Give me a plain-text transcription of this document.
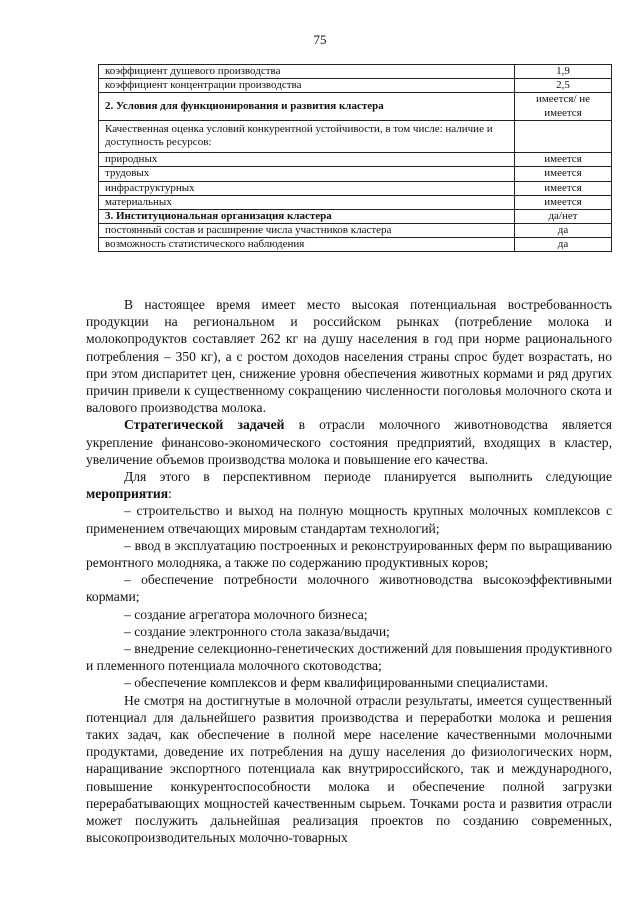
75
коэффициент душевого производства	1,9
коэффициент концентрации производства	2,5
2. Условия для функционирования и развития кластера	имеется/ не имеется
Качественная оценка условий конкурентной устойчивости, в том числе: наличие и доступность ресурсов:	
природных	имеется
трудовых	имеется
инфраструктурных	имеется
материальных	имеется
3. Институциональная организация кластера	да/нет
постоянный состав и расширение числа участников кластера	да
возможность статистического наблюдения	да

В настоящее время имеет место высокая потенциальная востребованность продукции на региональном и российском рынках (потребление молока и молокопродуктов составляет 262 кг на душу населения в год при норме рационального потребления – 350 кг), а с ростом доходов населения страны спрос будет возрастать, но при этом диспаритет цен, снижение уровня обеспечения животных кормами и ряд других причин привели к существенному сокращению численности поголовья молочного скота и валового производства молока.

Стратегической задачей в отрасли молочного животноводства является укрепление финансово-экономического состояния предприятий, входящих в кластер, увеличение объемов производства молока и повышение его качества.

Для этого в перспективном периоде планируется выполнить следующие мероприятия:

– строительство и выход на полную мощность крупных молочных комплексов с применением отвечающих мировым стандартам технологий;

– ввод в эксплуатацию построенных и реконструированных ферм по выращиванию ремонтного молодняка, а также по содержанию продуктивных коров;

– обеспечение потребности молочного животноводства высокоэффективными кормами;

– создание агрегатора молочного бизнеса;

– создание электронного стола заказа/выдачи;

– внедрение селекционно-генетических достижений для повышения продуктивного и племенного потенциала молочного скотоводства;

– обеспечение комплексов и ферм квалифицированными специалистами.

Не смотря на достигнутые в молочной отрасли результаты, имеется существенный потенциал для дальнейшего развития производства и переработки молока и решения таких задач, как обеспечение в полной мере население качественными молочными продуктами, доведение их потребления на душу населения до физиологических норм, наращивание экспортного потенциала как внутрироссийского, так и международного, повышение конкурентоспособности молока и обеспечение полной загрузки перерабатывающих мощностей качественным сырьем. Точками роста и развития отрасли может послужить дальнейшая реализация проектов по созданию современных, высокопроизводительных молочно-товарных
